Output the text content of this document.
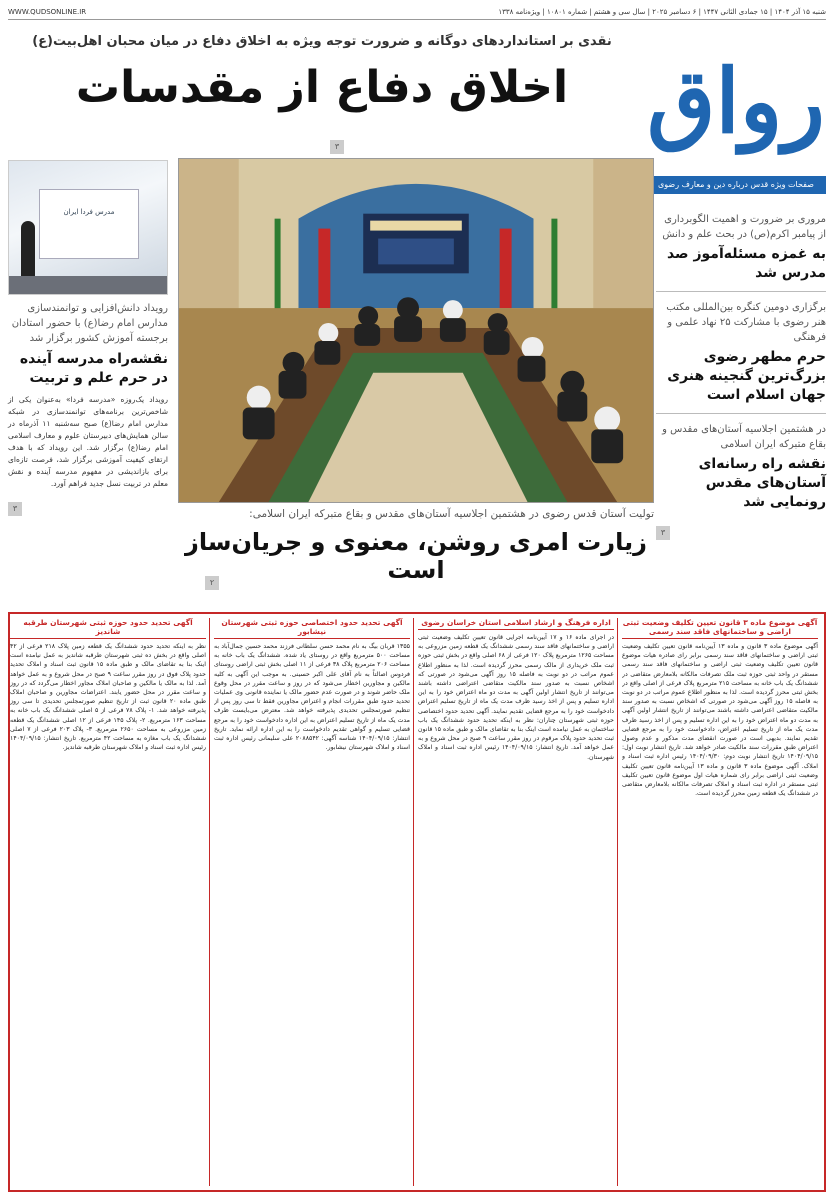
شنبه ۱۵ آذر ۱۴۰۴ | ۱۵ جمادی الثانی ۱۴۴۷ | ۶ دسامبر ۲۰۲۵ | سال سی و هشتم | شماره ۱۰۸۰۱ | ویژه‌نامه ۱۳۳۸
WWW.QUDSONLINE.IR
رواق
صفحات ویژه قدس درباره دین و معارف رضوی
نقدی بر استانداردهای دوگانه و ضرورت توجه ویژه به اخلاق دفاع در میان محبان اهل‌بیت(ع)
اخلاق دفاع از مقدسات
۳
مروری بر ضرورت و اهمیت الگوبرداری از پیامبر اکرم(ص) در بحث علم و دانش
به غمزه مسئله‌آموز صد مدرس شد
برگزاری دومین کنگره بین‌المللی مکتب هنر رضوی با مشارکت ۲۵ نهاد علمی و فرهنگی
حرم مطهر رضوی بزرگ‌ترین گنجینه هنری جهان اسلام است
در هشتمین اجلاسیه آستان‌های مقدس و بقاع متبرکه ایران اسلامی
نقشه راه رسانه‌ای آستان‌های مقدس رونمایی شد
۳
مدرس فردا ایران
رویداد دانش‌افزایی و توانمندسازی مدارس امام رضا(ع) با حضور استادان برجسته آموزش کشور برگزار شد
نقشه‌راه مدرسه آینده در حرم علم و تربیت
رویداد یک‌روزه «مدرسه فردا» به‌عنوان یکی از شاخص‌ترین برنامه‌های توانمندسازی در شبکه مدارس امام رضا(ع) صبح سه‌شنبه ۱۱ آذرماه در سالن همایش‌های دبیرستان علوم و معارف اسلامی امام رضا(ع) برگزار شد. این رویداد که با هدف ارتقای کیفیت آموزشی برگزار شد، فرصت تازه‌ای برای بازاندیشی در مفهوم مدرسه آینده و نقش معلم در تربیت نسل جدید فراهم آورد.
۳	تولیت آستان قدس رضوی در هشتمین اجلاسیه آستان‌های مقدس و بقاع متبرکه ایران اسلامی:
زیارت امری روشن، معنوی و جریان‌ساز است
۲
آگهی موضوع ماده ۳ قانون تعیین تکلیف وضعیت ثبتی اراضی و ساختمانهای فاقد سند رسمی
آگهی موضوع ماده ۳ قانون و ماده ۱۳ آیین‌نامه قانون تعیین تکلیف وضعیت ثبتی اراضی و ساختمانهای فاقد سند رسمی برابر رای صادره هیات موضوع قانون تعیین تکلیف وضعیت ثبتی اراضی و ساختمانهای فاقد سند رسمی مستقر در واحد ثبتی حوزه ثبت ملک تصرفات مالکانه بلامعارض متقاضی در ششدانگ یک باب خانه به مساحت ۲۱۵ مترمربع پلاک فرعی از اصلی واقع در بخش ثبتی محرز گردیده است. لذا به منظور اطلاع عموم مراتب در دو نوبت به فاصله ۱۵ روز آگهی می‌شود در صورتی که اشخاص نسبت به صدور سند مالکیت متقاضی اعتراضی داشته باشند می‌توانند از تاریخ انتشار اولین آگهی به مدت دو ماه اعتراض خود را به این اداره تسلیم و پس از اخذ رسید ظرف مدت یک ماه از تاریخ تسلیم اعتراض، دادخواست خود را به مرجع قضایی تقدیم نمایند. بدیهی است در صورت انقضای مدت مذکور و عدم وصول اعتراض طبق مقررات سند مالکیت صادر خواهد شد. تاریخ انتشار نوبت اول: ۱۴۰۴/۰۹/۱۵ تاریخ انتشار نوبت دوم: ۱۴۰۴/۰۹/۳۰ رئیس اداره ثبت اسناد و املاک. آگهی موضوع ماده ۳ قانون و ماده ۱۳ آیین‌نامه قانون تعیین تکلیف وضعیت ثبتی اراضی برابر رای شماره هیات اول موضوع قانون تعیین تکلیف ثبتی مستقر در اداره ثبت اسناد و املاک تصرفات مالکانه بلامعارض متقاضی در ششدانگ یک قطعه زمین محرز گردیده است.
اداره فرهنگ و ارشاد اسلامی استان خراسان رضوی
در اجرای ماده ۱۶ و ۱۷ آیین‌نامه اجرایی قانون تعیین تکلیف وضعیت ثبتی اراضی و ساختمانهای فاقد سند رسمی ششدانگ یک قطعه زمین مزروعی به مساحت ۱۲۶۵ مترمربع پلاک ۱۲۰ فرعی از ۶۸ اصلی واقع در بخش ثبتی حوزه ثبت ملک خریداری از مالک رسمی محرز گردیده است. لذا به منظور اطلاع عموم مراتب در دو نوبت به فاصله ۱۵ روز آگهی می‌شود در صورتی که اشخاص نسبت به صدور سند مالکیت متقاضی اعتراضی داشته باشند می‌توانند از تاریخ انتشار اولین آگهی به مدت دو ماه اعتراض خود را به این اداره تسلیم و پس از اخذ رسید ظرف مدت یک ماه از تاریخ تسلیم اعتراض دادخواست خود را به مرجع قضایی تقدیم نمایند. آگهی تحدید حدود اختصاصی حوزه ثبتی شهرستان چناران: نظر به اینکه تحدید حدود ششدانگ یک باب ساختمان به عمل نیامده است اینک بنا به تقاضای مالک و طبق ماده ۱۵ قانون ثبت تحدید حدود پلاک مرقوم در روز مقرر ساعت ۹ صبح در محل شروع و به عمل خواهد آمد. تاریخ انتشار: ۱۴۰۴/۰۹/۱۵ رئیس اداره ثبت اسناد و املاک شهرستان.
آگهی تحدید حدود اختصاصی حوزه ثبتی شهرستان نیشابور
۱۳۵۵ قربان بیگ به نام محمد حسن سلطانی فرزند محمد حسین جمال‌آباد به مساحت ۵۰۰ مترمربع واقع در روستای یاد شده. ششدانگ یک باب خانه به مساحت ۲۰۶ مترمربع پلاک ۳۸ فرعی از ۱۱ اصلی بخش ثبتی اراضی روستای فردوس اصالتاً به نام آقای علی اکبر حسینی. به موجب این آگهی به کلیه مالکین و مجاورین اخطار می‌شود که در روز و ساعت مقرر در محل وقوع ملک حاضر شوند و در صورت عدم حضور مالک یا نماینده قانونی وی عملیات تحدید حدود طبق مقررات انجام و اعتراض مجاورین فقط تا سی روز پس از تنظیم صورتمجلس تحدیدی پذیرفته خواهد شد. معترض می‌بایست ظرف مدت یک ماه از تاریخ تسلیم اعتراض به این اداره دادخواست خود را به مرجع قضایی تسلیم و گواهی تقدیم دادخواست را به این اداره ارائه نماید. تاریخ انتشار: ۱۴۰۴/۰۹/۱۵ شناسه آگهی: ۲۰۸۸۵۴۲ علی سلیمانی رئیس اداره ثبت اسناد و املاک شهرستان نیشابور.
آگهی تحدید حدود حوزه ثبتی شهرستان طرقبه شاندیز
نظر به اینکه تحدید حدود ششدانگ یک قطعه زمین پلاک ۲۱۸ فرعی از ۴۲ اصلی واقع در بخش ده ثبتی شهرستان طرقبه شاندیز به عمل نیامده است اینک بنا به تقاضای مالک و طبق ماده ۱۵ قانون ثبت اسناد و املاک تحدید حدود پلاک فوق در روز مقرر ساعت ۹ صبح در محل شروع و به عمل خواهد آمد. لذا به مالک یا مالکین و صاحبان املاک مجاور اخطار می‌گردد که در روز و ساعت مقرر در محل حضور یابند. اعتراضات مجاورین و صاحبان املاک طبق ماده ۲۰ قانون ثبت از تاریخ تنظیم صورتمجلس تحدیدی تا سی روز پذیرفته خواهد شد. ۱- پلاک ۷۸ فرعی از ۵ اصلی ششدانگ یک باب خانه به مساحت ۱۶۳ مترمربع. ۲- پلاک ۱۴۵ فرعی از ۱۲ اصلی ششدانگ یک قطعه زمین مزروعی به مساحت ۲۶۵۰ مترمربع. ۳- پلاک ۲۰۳ فرعی از ۷ اصلی ششدانگ یک باب مغازه به مساحت ۴۲ مترمربع. تاریخ انتشار: ۱۴۰۴/۰۹/۱۵ رئیس اداره ثبت اسناد و املاک شهرستان طرقبه شاندیز.
